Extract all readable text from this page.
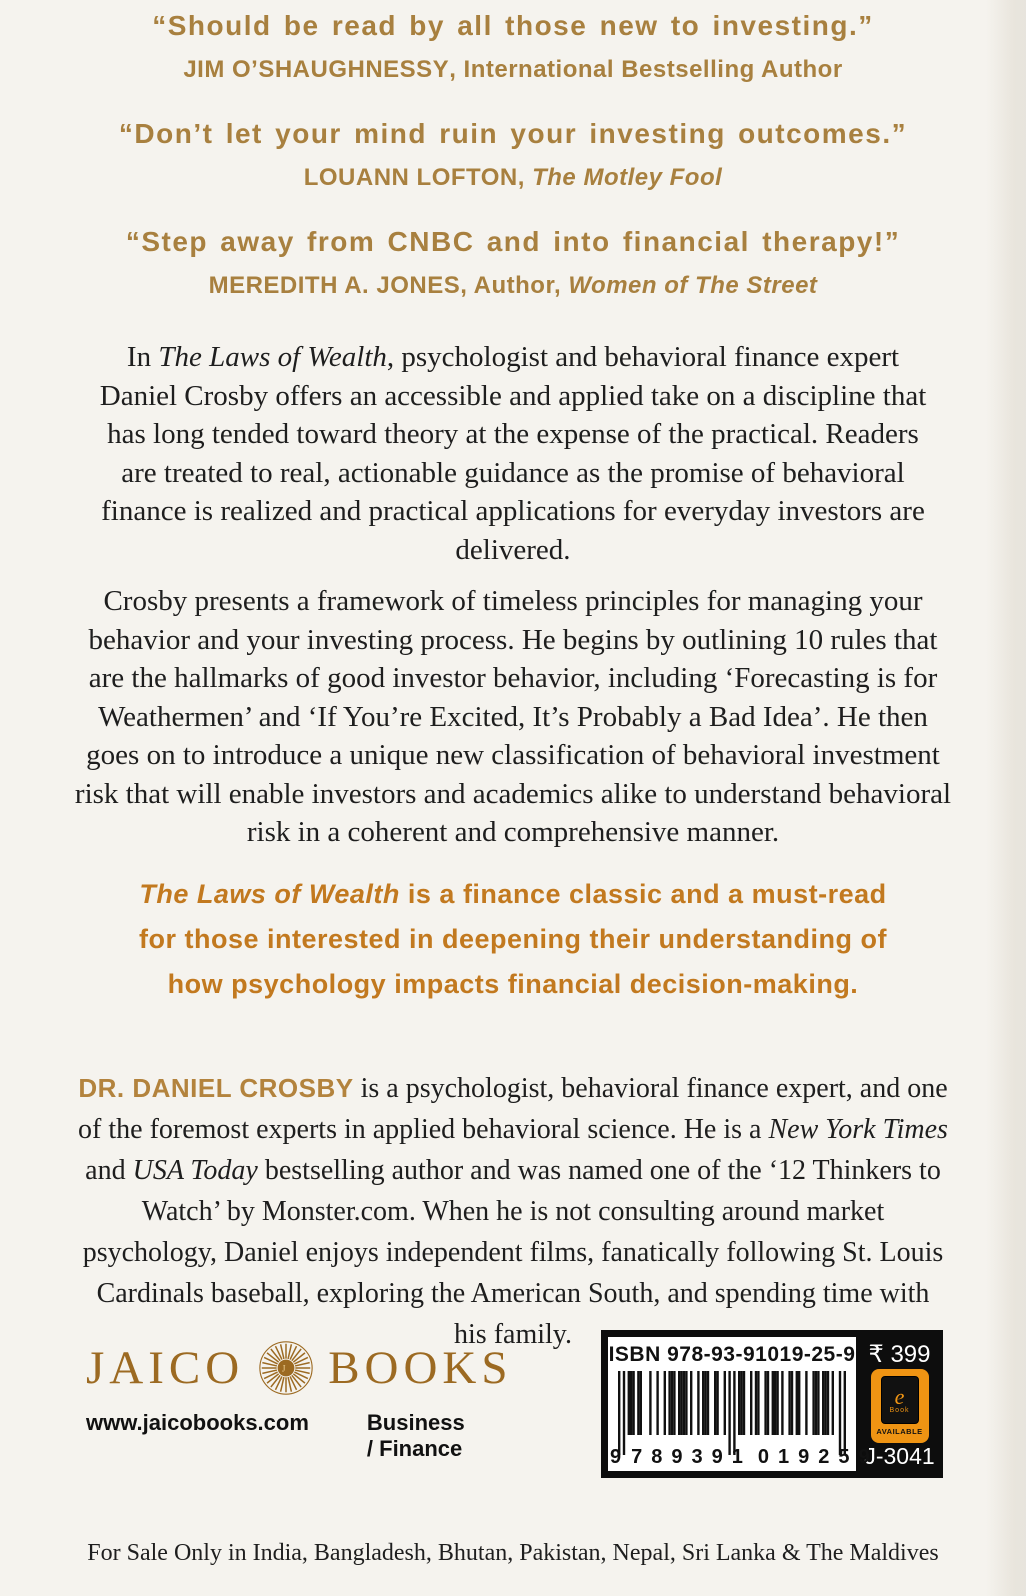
“Should be read by all those new to investing.”
JIM O’SHAUGHNESSY, International Bestselling Author
“Don’t let your mind ruin your investing outcomes.”
LOUANN LOFTON, The Motley Fool
“Step away from CNBC and into financial therapy!”
MEREDITH A. JONES, Author, Women of The Street
In The Laws of Wealth, psychologist and behavioral finance expert Daniel Crosby offers an accessible and applied take on a discipline that has long tended toward theory at the expense of the practical. Readers are treated to real, actionable guidance as the promise of behavioral finance is realized and practical applications for everyday investors are delivered.
Crosby presents a framework of timeless principles for managing your behavior and your investing process. He begins by outlining 10 rules that are the hallmarks of good investor behavior, including ‘Forecasting is for Weathermen’ and ‘If You’re Excited, It’s Probably a Bad Idea’. He then goes on to introduce a unique new classification of behavioral investment risk that will enable investors and academics alike to understand behavioral risk in a coherent and comprehensive manner.
The Laws of Wealth is a finance classic and a must-read for those interested in deepening their understanding of how psychology impacts financial decision-making.
DR. DANIEL CROSBY is a psychologist, behavioral finance expert, and one of the foremost experts in applied behavioral science. He is a New York Times and USA Today bestselling author and was named one of the ‘12 Thinkers to Watch’ by Monster.com. When he is not consulting around market psychology, Daniel enjoys independent films, fanatically following St. Louis Cardinals baseball, exploring the American South, and spending time with his family.
JAICO	J BOOKS
www.jaicobooks.com	Business / Finance
ISBN 978-93-91019-25-9
9 789391 019259
₹ 399
e
Book
AVAILABLE
J-3041
For Sale Only in India, Bangladesh, Bhutan, Pakistan, Nepal, Sri Lanka & The Maldives
